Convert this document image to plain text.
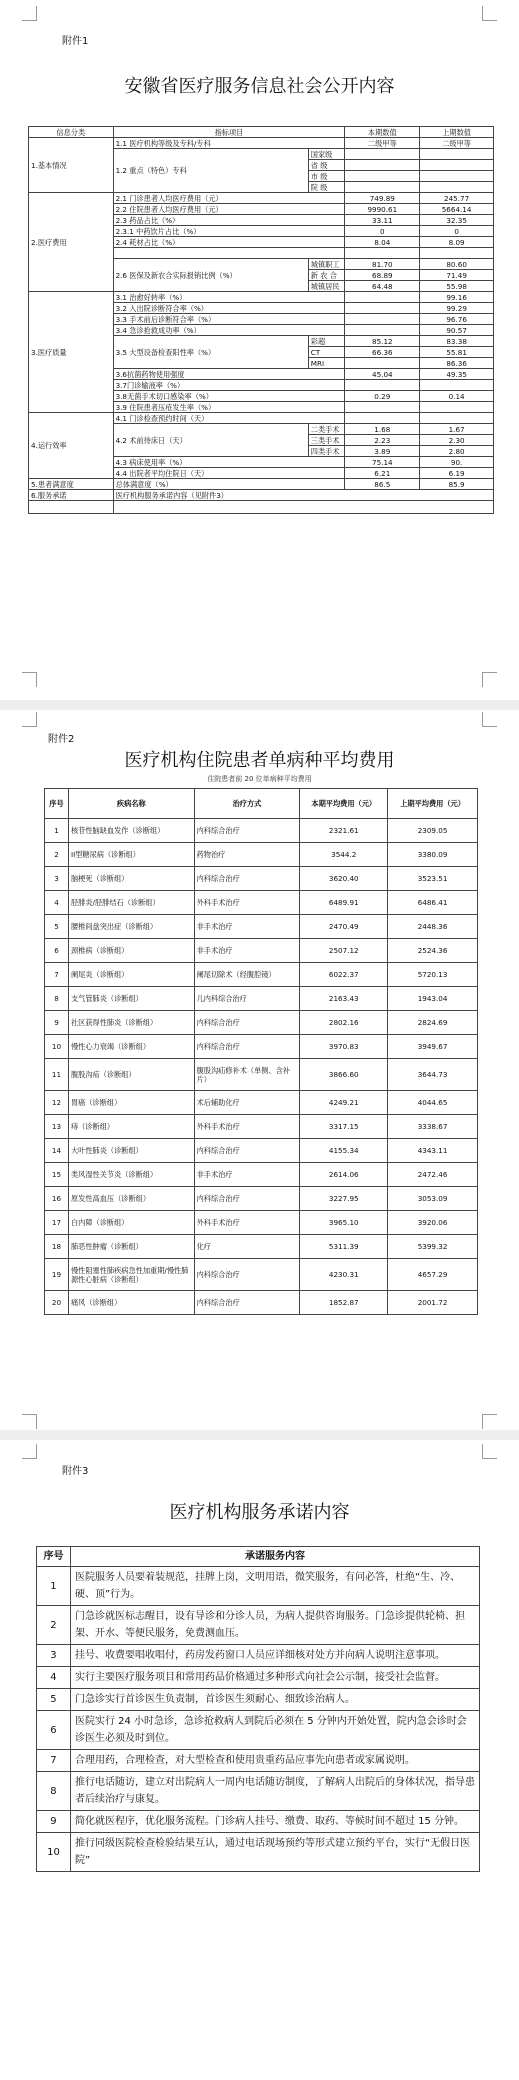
附件1
安徽省医疗服务信息社会公开内容
信息分类	指标项目		本期数值	上期数值
1.基本情况	1.1 医疗机构等级及专科/专科		二级甲等	二级甲等
	1.2 重点（特色）专科	国家级		
		省 级		
		市 级		
		院 级		
2.医疗费用	2.1 门诊患者人均医疗费用（元）		749.89	245.77
	2.2 住院患者人均医疗费用（元）		9990.61	5664.14
	2.3 药品占比（%）		33.11	32.35
	2.3.1 中药饮片占比（%）		0	0
	2.4 耗材占比（%）		8.04	8.09

	2.6 医保及新农合实际报销比例（%）	城镇职工	81.70	80.60
		新 农 合	68.89	71.49
		城镇居民	64.48	55.98
3.医疗质量	3.1 治愈好转率（%）			99.16
	3.2 入出院诊断符合率（%）			99.29
	3.3 手术前后诊断符合率（%）			96.76
	3.4 急诊抢救成功率（%）			90.57
	3.5 大型设备检查阳性率（%）	彩超	85.12	83.38
		CT	66.36	55.81
		MRI		86.36
	3.6抗菌药物使用强度		45.04	49.35
	3.7门诊输液率（%）			
	3.8无菌手术切口感染率（%）		0.29	0.14
	3.9 住院患者压疮发生率（%）			
4.运行效率	4.1 门诊检查预约时间（天）			
	4.2 术前待床日（天）	二类手术	1.68	1.67
		三类手术	2.23	2.30
		四类手术	3.89	2.80
	4.3 病床使用率（%）		75.14	90.
	4.4 出院者平均住院日（天）		6.21	6.19
5.患者满意度	总体满意度（%）		86.5	85.9
6.服务承诺	医疗机构服务承诺内容（见附件3）			

附件2
医疗机构住院患者单病种平均费用
住院患者前 20 位单病种平均费用
序号	疾病名称	治疗方式	本期平均费用（元）	上期平均费用（元）
1	核苷性脑缺血发作（诊断组）	内科综合治疗	2321.61	2309.05
2	II型糖尿病（诊断组）	药物治疗	3544.2	3380.09
3	脑梗死（诊断组）	内科综合治疗	3620.40	3523.51
4	胫腓炎/胫腓结石（诊断组）	外科手术治疗	6489.91	6486.41
5	腰椎间盘突出症（诊断组）	非手术治疗	2470.49	2448.36
6	颈椎病（诊断组）	非手术治疗	2507.12	2524.36
7	阑尾炎（诊断组）	阑尾切除术（经腹腔镜）	6022.37	5720.13
8	支气管肺炎（诊断组）	儿内科综合治疗	2163.43	1943.04
9	社区获得性肺炎（诊断组）	内科综合治疗	2802.16	2824.69
10	慢性心力衰竭（诊断组）	内科综合治疗	3970.83	3949.67
11	腹股沟疝（诊断组）	腹股沟疝修补术（单侧、含补片）	3866.60	3644.73
12	胃癌（诊断组）	术后辅助化疗	4249.21	4044.65
13	痔（诊断组）	外科手术治疗	3317.15	3338.67
14	大叶性肺炎（诊断组）	内科综合治疗	4155.34	4343.11
15	类风湿性关节炎（诊断组）	非手术治疗	2614.06	2472.46
16	原发性高血压（诊断组）	内科综合治疗	3227.95	3053.09
17	白内障（诊断组）	外科手术治疗	3965.10	3920.06
18	肺恶性肿瘤（诊断组）	化疗	5311.39	5399.32
19	慢性阻塞性肺疾病急性加重期/慢性肺源性心脏病（诊断组）	内科综合治疗	4230.31	4657.29
20	痛风（诊断组）	内科综合治疗	1852.87	2001.72
附件3
医疗机构服务承诺内容
序号	承诺服务内容
1	医院服务人员要着装规范，挂牌上岗，文明用语，微笑服务，有问必答，杜绝“生、冷、硬、顶”行为。
2	门急诊就医标志醒目，设有导诊和分诊人员，为病人提供咨询服务。门急诊提供轮椅、担架、开水、等便民服务，免费测血压。
3	挂号、收费要唱收唱付，药房发药窗口人员应详细核对处方并向病人说明注意事项。
4	实行主要医疗服务项目和常用药品价格通过多种形式向社会公示制，接受社会监督。
5	门急诊实行首诊医生负责制，首诊医生须耐心、细致诊治病人。
6	医院实行 24 小时急诊，急诊抢救病人到院后必须在 5 分钟内开始处置，院内急会诊时会诊医生必须及时到位。
7	合理用药，合理检查，对大型检查和使用贵重药品应事先向患者或家属说明。
8	推行电话随访，建立对出院病人一周内电话随访制度，了解病人出院后的身体状况，指导患者后续治疗与康复。
9	简化就医程序，优化服务流程。门诊病人挂号、缴费、取药、等候时间不超过 15 分钟。
10	推行同级医院检查检验结果互认，通过电话现场预约等形式建立预约平台，实行“无假日医院”
